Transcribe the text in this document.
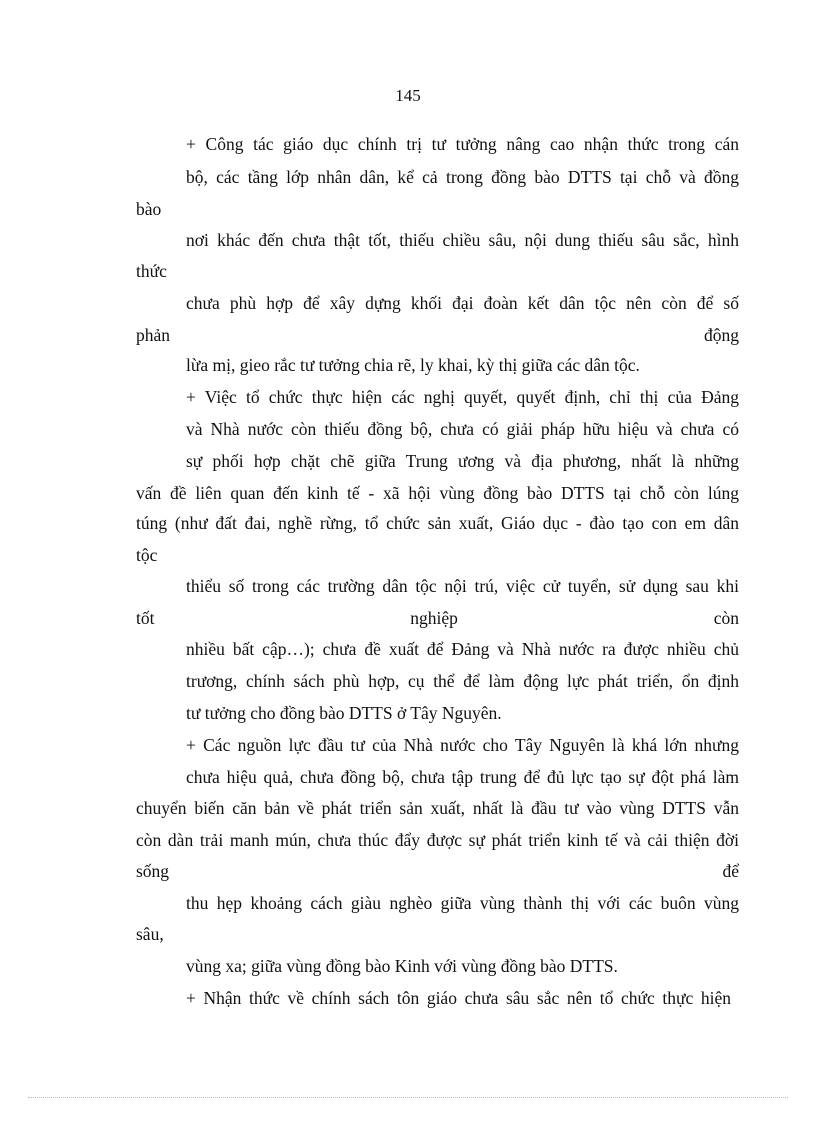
145
+ Công tác giáo dục chính trị tư tưởng nâng cao nhận thức trong cán
bộ, các tầng lớp nhân dân, kể cả trong đồng bào DTTS tại chỗ và đồng
bào
nơi khác đến chưa thật tốt, thiếu chiều sâu, nội dung thiếu sâu sắc, hình
thức
chưa phù hợp để xây dựng khối đại đoàn kết dân tộc nên còn để số
phản	động
lừa mị, gieo rắc tư tưởng chia rẽ, ly khai, kỳ thị giữa các dân tộc.
+ Việc tổ chức thực hiện các nghị quyết, quyết định, chỉ thị của Đảng
và Nhà nước còn thiếu đồng bộ, chưa có giải pháp hữu hiệu và chưa có
sự phối hợp chặt chẽ giữa Trung ương và địa phương, nhất là những
vấn đề liên quan đến kinh tế - xã hội vùng đồng bào DTTS tại chỗ còn lúng
túng (như đất đai, nghề rừng, tổ chức sản xuất, Giáo dục - đào tạo con em dân
tộc
thiểu số trong các trường dân tộc nội trú, việc cử tuyển, sử dụng sau khi
tốt	nghiệp	còn
nhiều bất cập…); chưa đề xuất để Đảng và Nhà nước ra được nhiều chủ
trương, chính sách phù hợp, cụ thể để làm động lực phát triển, ổn định
tư tưởng cho đồng bào DTTS ở Tây Nguyên.
+ Các nguồn lực đầu tư của Nhà nước cho Tây Nguyên là khá lớn nhưng
chưa hiệu quả, chưa đồng bộ, chưa tập trung để đủ lực tạo sự đột phá làm
chuyển biến căn bản về phát triển sản xuất, nhất là đầu tư vào vùng DTTS vẫn
còn dàn trải manh mún, chưa thúc đẩy được sự phát triển kinh tế và cải thiện đời
sống	để
thu hẹp khoảng cách giàu nghèo giữa vùng thành thị với các buôn vùng
sâu,
vùng xa; giữa vùng đồng bào Kinh với vùng đồng bào DTTS.
+ Nhận thức về chính sách tôn giáo chưa sâu sắc nên tổ chức thực hiện
